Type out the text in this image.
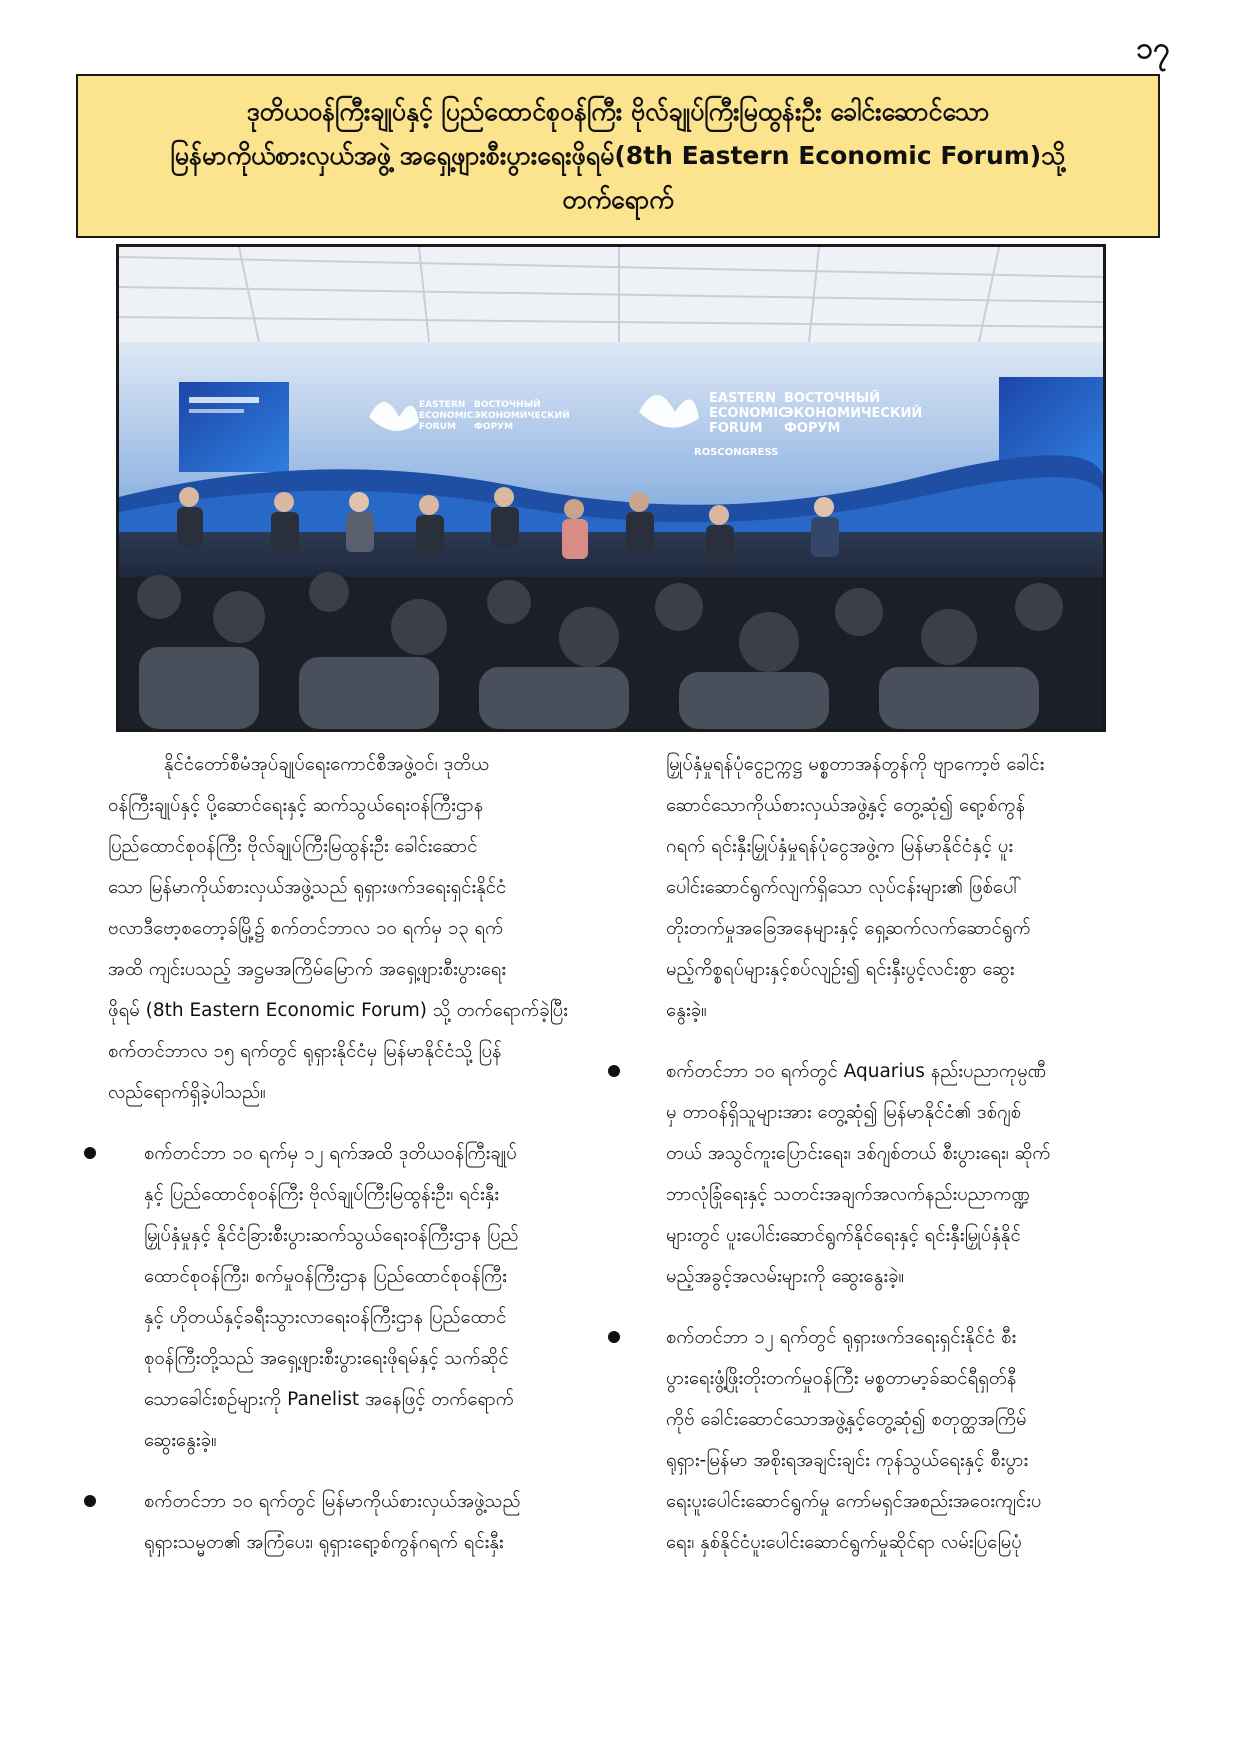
၁၇
ဒုတိယဝန်ကြီးချုပ်နှင့် ပြည်ထောင်စုဝန်ကြီး ဗိုလ်ချုပ်ကြီးမြထွန်းဦး ခေါင်းဆောင်သော
မြန်မာကိုယ်စားလှယ်အဖွဲ့ အရှေ့ဖျားစီးပွားရေးဖိုရမ်(8th Eastern Economic Forum)သို့
တက်ရောက်
EASTERN
ECONOMIC
FORUM
ВОСТОЧНЫЙ
ЭКОНОМИЧЕСКИЙ
ФОРУМ
EASTERN
ECONOMIC
FORUM
ВОСТОЧНЫЙ
ЭКОНОМИЧЕСКИЙ
ФОРУМ
ROSCONGRESS

နိုင်ငံတော်စီမံအုပ်ချုပ်ရေးကောင်စီအဖွဲ့ဝင်၊ ဒုတိယ
ဝန်ကြီးချုပ်နှင့် ပို့ဆောင်ရေးနှင့် ဆက်သွယ်ရေးဝန်ကြီးဌာန
ပြည်ထောင်စုဝန်ကြီး ဗိုလ်ချုပ်ကြီးမြထွန်းဦး ခေါင်းဆောင်
သော မြန်မာကိုယ်စားလှယ်အဖွဲ့သည် ရုရှားဖက်ဒရေးရှင်းနိုင်ငံ
ဗလာဒီဗော့စတော့ခ်မြို့၌ စက်တင်ဘာလ ၁၀ ရက်မှ ၁၃ ရက်
အထိ ကျင်းပသည့် အဋ္ဌမအကြိမ်မြောက် အရှေ့ဖျားစီးပွားရေး
ဖိုရမ် (8th Eastern Economic Forum) သို့ တက်ရောက်ခဲ့ပြီး
စက်တင်ဘာလ ၁၅ ရက်တွင် ရုရှားနိုင်ငံမှ မြန်မာနိုင်ငံသို့ ပြန်
လည်ရောက်ရှိခဲ့ပါသည်။

စက်တင်ဘာ ၁၀ ရက်မှ ၁၂ ရက်အထိ ဒုတိယဝန်ကြီးချုပ်
နှင့် ပြည်ထောင်စုဝန်ကြီး ဗိုလ်ချုပ်ကြီးမြထွန်းဦး၊ ရင်းနှီး
မြှုပ်နှံမှုနှင့် နိုင်ငံခြားစီးပွားဆက်သွယ်ရေးဝန်ကြီးဌာန ပြည်
ထောင်စုဝန်ကြီး၊ စက်မှုဝန်ကြီးဌာန ပြည်ထောင်စုဝန်ကြီး
နှင့် ဟိုတယ်နှင့်ခရီးသွားလာရေးဝန်ကြီးဌာန ပြည်ထောင်
စုဝန်ကြီးတို့သည် အရှေ့ဖျားစီးပွားရေးဖိုရမ်နှင့် သက်ဆိုင်
သောခေါင်းစဉ်များကို Panelist အနေဖြင့် တက်ရောက်
ဆွေးနွေးခဲ့။

စက်တင်ဘာ ၁၀ ရက်တွင် မြန်မာကိုယ်စားလှယ်အဖွဲ့သည်
ရုရှားသမ္မတ၏ အကြံပေး၊ ရုရှားရော့စ်ကွန်ဂရက် ရင်းနှီး

မြှုပ်နှံမှုရန်ပုံငွေဥက္ကဋ္ဌ မစ္စတာအန်တွန်ကို ဗျာကော့ဗ် ခေါင်း
ဆောင်သောကိုယ်စားလှယ်အဖွဲ့နှင့် တွေ့ဆုံ၍ ရော့စ်ကွန်
ဂရက် ရင်းနှီးမြှုပ်နှံမှုရန်ပုံငွေအဖွဲ့က မြန်မာနိုင်ငံနှင့် ပူး
ပေါင်းဆောင်ရွက်လျက်ရှိသော လုပ်ငန်းများ၏ ဖြစ်ပေါ်
တိုးတက်မှုအခြေအနေများနှင့် ရှေ့ဆက်လက်ဆောင်ရွက်
မည့်ကိစ္စရပ်များနှင့်စပ်လျဉ်း၍ ရင်းနှီးပွင့်လင်းစွာ ဆွေး
နွေးခဲ့။

စက်တင်ဘာ ၁၀ ရက်တွင် Aquarius နည်းပညာကုမ္ပဏီ
မှ တာဝန်ရှိသူများအား တွေ့ဆုံ၍ မြန်မာနိုင်ငံ၏ ဒစ်ဂျစ်
တယ် အသွင်ကူးပြောင်းရေး၊ ဒစ်ဂျစ်တယ် စီးပွားရေး၊ ဆိုက်
ဘာလုံခြုံရေးနှင့် သတင်းအချက်အလက်နည်းပညာကဏ္ဍ
များတွင် ပူးပေါင်းဆောင်ရွက်နိုင်ရေးနှင့် ရင်းနှီးမြှုပ်နှံနိုင်
မည့်အခွင့်အလမ်းများကို ဆွေးနွေးခဲ့။

စက်တင်ဘာ ၁၂ ရက်တွင် ရုရှားဖက်ဒရေးရှင်းနိုင်ငံ စီး
ပွားရေးဖွံ့ဖြိုးတိုးတက်မှုဝန်ကြီး မစ္စတာမာ့ခ်ဆင်ရီရှတ်နီ
ကိုဗ် ခေါင်းဆောင်သောအဖွဲ့နှင့်တွေ့ဆုံ၍ စတုတ္ထအကြိမ်
ရုရှား-မြန်မာ အစိုးရအချင်းချင်း ကုန်သွယ်ရေးနှင့် စီးပွား
ရေးပူးပေါင်းဆောင်ရွက်မှု ကော်မရှင်အစည်းအဝေးကျင်းပ
ရေး၊ နှစ်နိုင်ငံပူးပေါင်းဆောင်ရွက်မှုဆိုင်ရာ လမ်းပြမြေပုံ
